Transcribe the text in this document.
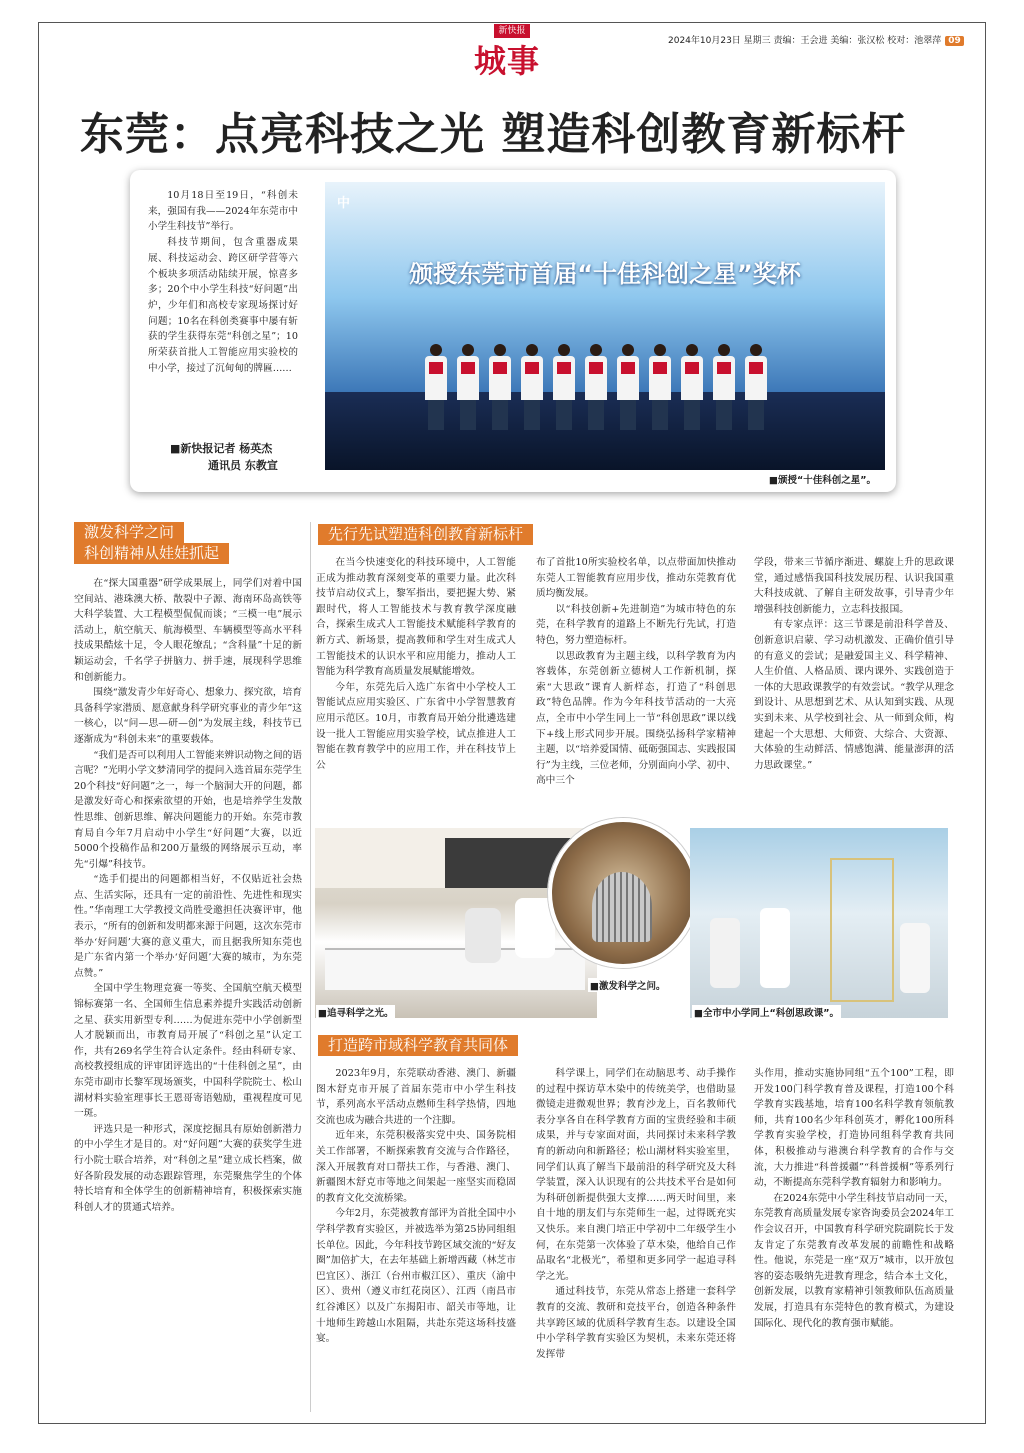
新快报
城事
2024年10月23日 星期三 责编：王会进 美编：张汉松 校对：池翠萍 09
东莞：点亮科技之光 塑造科创教育新标杆

10月18日至19日，“科创未来，强国有我——2024年东莞市中小学生科技节”举行。

科技节期间，包含重器成果展、科技运动会、跨区研学营等六个板块多项活动陆续开展，惊喜多多；20个中小学生科技“好问题”出炉，少年们和高校专家现场探讨好问题；10名在科创类赛事中屡有斩获的学生获得东莞“科创之星”；10所荣获首批人工智能应用实验校的中小学，接过了沉甸甸的牌匾……

■新快报记者 杨英杰
通讯员 东教宣
中
颁授东莞市首届“十佳科创之星”奖杯
■颁授“十佳科创之星”。
激发科学之问
科创精神从娃娃抓起

在“探大国重器”研学成果展上，同学们对着中国空间站、港珠澳大桥、散裂中子源、海南环岛高铁等大科学装置、大工程模型侃侃而谈；“三模一电”展示活动上，航空航天、航海模型、车辆模型等高水平科技成果酷炫十足，令人眼花缭乱；“含科量”十足的新颖运动会，千名学子拼脑力、拼手速，展现科学思维和创新能力。

围绕“激发青少年好奇心、想象力、探究欲，培育具备科学家潜质、愿意献身科学研究事业的青少年”这一核心，以“问—思—研—创”为发展主线，科技节已逐渐成为“科创未来”的重要载体。

“我们是否可以利用人工智能来辨识动物之间的语言呢？”光明小学文梦清同学的提问入选首届东莞学生20个科技“好问题”之一，每一个脑洞大开的问题，都是激发好奇心和探索欲望的开始，也是培养学生发散性思维、创新思维、解决问题能力的开始。东莞市教育局自今年7月启动中小学生“好问题”大赛，以近5000个投稿作品和200万量级的网络展示互动，率先“引爆”科技节。

“选手们提出的问题都相当好，不仅贴近社会热点、生活实际，还具有一定的前沿性、先进性和现实性。”华南理工大学教授文尚胜受邀担任决赛评审，他表示，“所有的创新和发明都来源于问题，这次东莞市举办‘好问题’大赛的意义重大，而且据我所知东莞也是广东省内第一个举办‘好问题’大赛的城市，为东莞点赞。”

全国中学生物理竞赛一等奖、全国航空航天模型锦标赛第一名、全国师生信息素养提升实践活动创新之星、获实用新型专利……为促进东莞中小学创新型人才脱颖而出，市教育局开展了“科创之星”认定工作，共有269名学生符合认定条件。经由科研专家、高校教授组成的评审团评选出的“十佳科创之星”，由东莞市副市长黎军现场颁奖，中国科学院院士、松山湖材料实验室理事长王恩哥寄语勉励，重视程度可见一斑。

评选只是一种形式，深度挖掘具有原始创新潜力的中小学生才是目的。对“好问题”大赛的获奖学生进行小院士联合培养，对“科创之星”建立成长档案，做好各阶段发展的动态跟踪管理，东莞聚焦学生的个体特长培育和全体学生的创新精神培育，积极探索实施科创人才的贯通式培养。

先行先试塑造科创教育新标杆

在当今快速变化的科技环境中，人工智能正成为推动教育深刻变革的重要力量。此次科技节启动仪式上，黎军指出，要把握大势、紧跟时代，将人工智能技术与教育教学深度融合，探索生成式人工智能技术赋能科学教育的新方式、新场景，提高教师和学生对生成式人工智能技术的认识水平和应用能力，推动人工智能为科学教育高质量发展赋能增效。

今年，东莞先后入选广东省中小学校人工智能试点应用实验区、广东省中小学智慧教育应用示范区。10月，市教育局开始分批遴选建设一批人工智能应用实验学校，试点推进人工智能在教育教学中的应用工作，并在科技节上公

布了首批10所实验校名单，以点带面加快推动东莞人工智能教育应用步伐，推动东莞教育优质均衡发展。

以“科技创新+先进制造”为城市特色的东莞，在科学教育的道路上不断先行先试，打造特色，努力塑造标杆。

以思政教育为主题主线，以科学教育为内容载体，东莞创新立德树人工作新机制，探索“大思政”课育人新样态，打造了“科创思政”特色品牌。作为今年科技节活动的一大亮点，全市中小学生同上一节“科创思政”课以线下+线上形式同步开展。围绕弘扬科学家精神主题，以“培养爱国情、砥砺强国志、实践报国行”为主线，三位老师，分别面向小学、初中、高中三个

学段，带来三节循序渐进、螺旋上升的思政课堂，通过感悟我国科技发展历程、认识我国重大科技成就、了解自主研发故事，引导青少年增强科技创新能力，立志科技报国。

有专家点评：这三节课是前沿科学普及、创新意识启蒙、学习动机激发、正确价值引导的有意义的尝试；是融爱国主义、科学精神、人生价值、人格品质、课内课外、实践创造于一体的大思政课教学的有效尝试。“教学从理念到设计、从思想到艺术、从认知到实践、从现实到未来、从学校到社会、从一师到众师，构建起一个大思想、大师资、大综合、大资源、大体验的生动鲜活、情感饱满、能量澎湃的活力思政课堂。”

■追寻科学之光。
■激发科学之问。
■全市中小学同上“科创思政课”。
打造跨市域科学教育共同体

2023年9月，东莞联动香港、澳门、新疆图木舒克市开展了首届东莞市中小学生科技节，系列高水平活动点燃师生科学热情，四地交流也成为融合共进的一个注脚。

近年来，东莞积极落实党中央、国务院相关工作部署，不断探索教育交流与合作路径，深入开展教育对口帮扶工作，与香港、澳门、新疆图木舒克市等地之间架起一座坚实而稳固的教育文化交流桥梁。

今年2月，东莞被教育部评为首批全国中小学科学教育实验区，并被选举为第25协同组组长单位。因此，今年科技节跨区域交流的“好友圈”加倍扩大，在去年基础上新增西藏（林芝市巴宜区）、浙江（台州市椒江区）、重庆（渝中区）、贵州（遵义市红花岗区）、江西（南昌市红谷滩区）以及广东揭阳市、韶关市等地，让十地师生跨越山水阻隔，共赴东莞这场科技盛宴。

科学课上，同学们在动脑思考、动手操作的过程中探访草木染中的传统美学，也借助显微镜走进微观世界；教育沙龙上，百名教师代表分享各自在科学教育方面的宝贵经验和丰硕成果，并与专家面对面，共同探讨未来科学教育的新动向和新路径；松山湖材料实验室里，同学们认真了解当下最前沿的科学研究及大科学装置，深入认识现有的公共技术平台是如何为科研创新提供强大支撑……两天时间里，来自十地的朋友们与东莞师生一起，过得既充实又快乐。来自澳门培正中学初中二年级学生小何，在东莞第一次体验了草木染，他给自己作品取名“北极光”，希望和更多同学一起追寻科学之光。

通过科技节，东莞从常态上搭建一套科学教育的交流、教研和竞技平台，创造各种条件共享跨区域的优质科学教育生态。以建设全国中小学科学教育实验区为契机，未来东莞还将发挥带

头作用，推动实施协同组“五个100”工程，即开发100门科学教育普及课程，打造100个科学教育实践基地，培育100名科学教育领航教师，共育100名少年科创英才，孵化100所科学教育实验学校，打造协同组科学教育共同体，积极推动与港澳台科学教育的合作与交流，大力推进“科普援疆”“科普援桐”等系列行动，不断提高东莞科学教育辐射力和影响力。

在2024东莞中小学生科技节启动同一天，东莞教育高质量发展专家咨询委员会2024年工作会议召开，中国教育科学研究院副院长于发友肯定了东莞教育改革发展的前瞻性和战略性。他说，东莞是一座“双万”城市，以开放包容的姿态吸纳先进教育理念，结合本土文化，创新发展，以教育家精神引领教师队伍高质量发展，打造具有东莞特色的教育模式，为建设国际化、现代化的教育强市赋能。
